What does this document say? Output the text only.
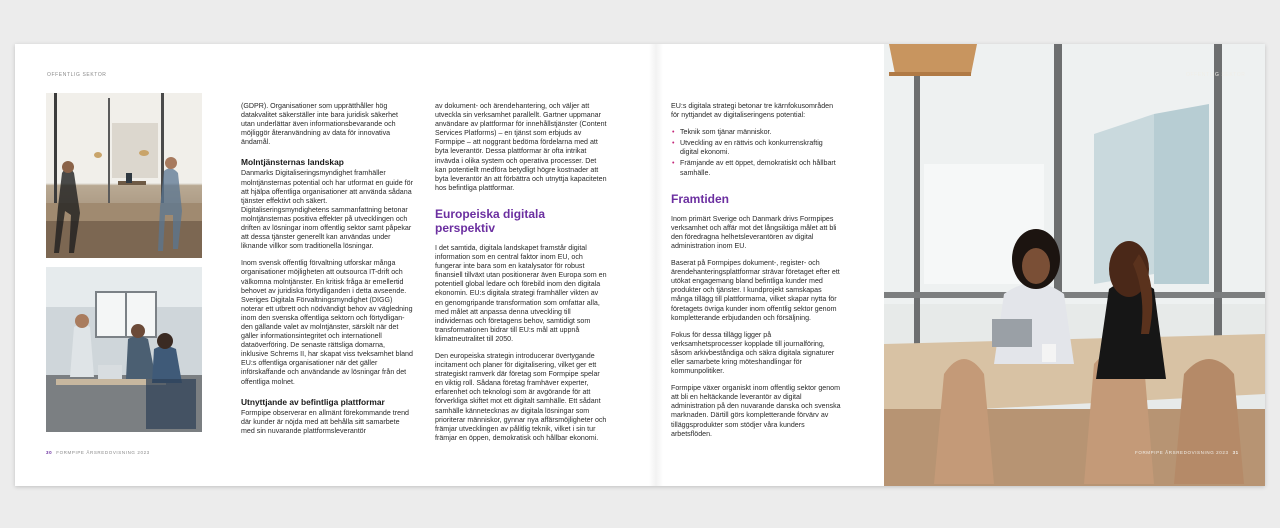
OFFENTLIG SEKTOR

(GDPR). Organisationer som upprätthåller hög datakvalitet säkerställer inte bara juridisk säkerhet utan underlättar även informationsbevarande och möjliggör återanvändning av data för innovativa ändamål.

Molntjänsternas landskap

Danmarks Digitaliseringsmyndighet framhäller molntjänsternas potential och har utformat en guide för att hjälpa offentliga organisationer att använda sådana tjänster effektivt och säkert. Digitaliseringsmyndighetens sammanfattning betonar molntjänsternas positiva effekter på utvecklingen och driften av lösningar inom offentlig sektor samt påpekar att dessa tjänster generellt kan användas under liknande villkor som traditionella lösningar.

Inom svensk offentlig förvaltning utforskar många organisationer möjligheten att outsourca IT-drift och välkomna molntjänster. En kritisk fråga är emellertid behovet av juridiska förtydliganden i detta avseende. Sveriges Digitala Förvaltningsmyndighet (DIGG) noterar ett utbrett och nödvändigt behov av vägledning inom den svenska offentliga sektorn och förtydligan-den gällande valet av molntjänster, särskilt när det gäller informationsintegritet och internationell dataöverföring. De senaste rättsliga domarna, inklusive Schrems II, har skapat viss tveksamhet bland EU:s offentliga organisationer när det gäller införskaffande och användande av lösningar från det offentliga molnet.

Utnyttjande av befintliga plattformar

Formpipe observerar en allmänt förekommande trend där kunder är nöjda med att behålla sitt samarbete med sin nuvarande plattformsleverantör

av dokument- och ärendehantering, och väljer att utveckla sin verksamhet parallellt. Gartner uppmanar användare av plattformar för innehållstjänster (Content Services Platforms) – en tjänst som erbjuds av Formpipe – att noggrant bedöma fördelarna med att byta leverantör. Dessa plattformar är ofta intrikat invävda i olika system och operativa processer. Det kan potentiellt medföra betydligt högre kostnader att byta leverantör än att förbättra och utnyttja kapaciteten hos befintliga plattformar.

Europeiska digitala perspektiv

I det samtida, digitala landskapet framstår digital information som en central faktor inom EU, och fungerar inte bara som en katalysator för robust finansiell tillväxt utan positionerar även Europa som en potentiell global ledare och förebild inom den digitala ekonomin. EU:s digitala strategi framhäller vikten av en genomgripande transformation som omfattar alla, med målet att anpassa denna utveckling till individernas och företagens behov, samtidigt som transformationen bidrar till EU:s mål att uppnå klimatneutralitet till 2050.

Den europeiska strategin introducerar övertygande incitament och planer för digitalisering, vilket ger ett strategiskt ramverk där företag som Formpipe spelar en viktig roll. Sådana företag framhäver experter, erfarenhet och teknologi som är avgörande för att förverkliga skiftet mot ett digitalt samhälle. Ett sådant samhälle kännetecknas av digitala lösningar som prioriterar människor, gynnar nya affärsmöjligheter och främjar utvecklingen av pålitlig teknik, vilket i sin tur främjar en öppen, demokratisk och hållbar ekonomi.

EU:s digitala strategi betonar tre kärnfokusområden för nyttjandet av digitaliseringens potential:

• Teknik som tjänar människor.
• Utveckling av en rättvis och konkurrenskraftig digital ekonomi.
• Främjande av ett öppet, demokratiskt och hållbart samhälle.
Framtiden

Inom primärt Sverige och Danmark drivs Formpipes verksamhet och affär mot det långsiktiga målet att bli den föredragna helhetsleverantören av digital administration inom EU.

Baserat på Formpipes dokument-, register- och ärendehanteringsplattformar strävar företaget efter ett utökat engagemang bland befintliga kunder med produkter och tjänster. I kundprojekt samskapas många tillägg till plattformarna, vilket skapar nytta för företagets övriga kunder inom offentlig sektor genom kompletterande erbjudanden och försäljning.

Fokus för dessa tillägg ligger på verksamhetsprocesser kopplade till journalföring, såsom arkivbeståndiga och säkra digitala signaturer eller samarbete kring möteshandlingar för kommunpolitiker.

Formpipe växer organiskt inom offentlig sektor genom att bli en heltäckande leverantör av digital administration på den nuvarande danska och svenska marknaden. Därtill görs kompletterande förvärv av tilläggsprodukter som stödjer våra kunders arbetsflöden.

OFFENTLIG SEKTOR
30 FORMPIPE ÅRSREDOVISNING 2023	FORMPIPE ÅRSREDOVISNING 2023 31
